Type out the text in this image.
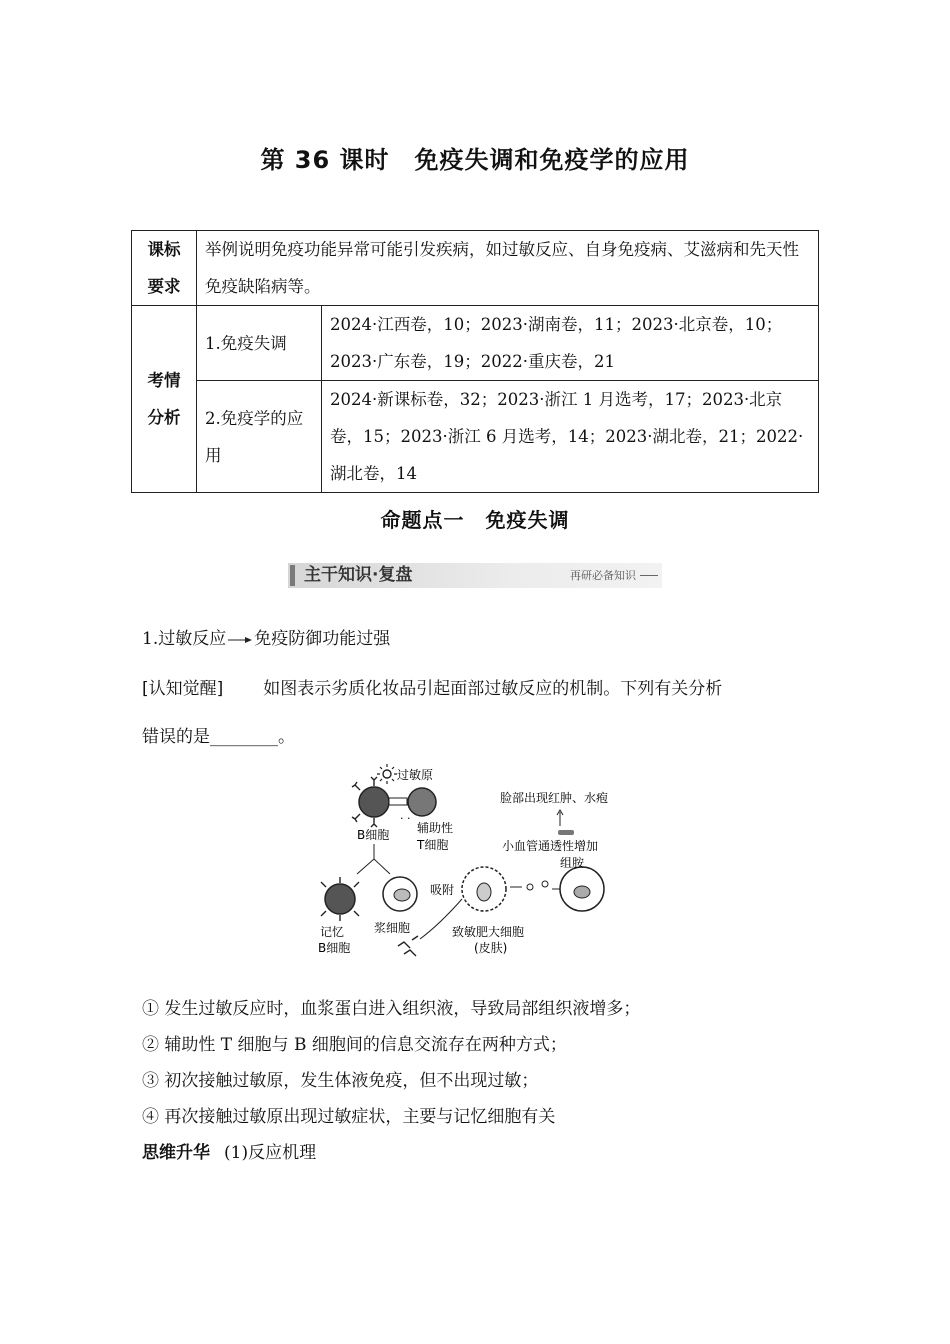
第 36 课时　免疫失调和免疫学的应用
课标要求	举例说明免疫功能异常可能引发疾病，如过敏反应、自身免疫病、艾滋病和先天性免疫缺陷病等。	
考情分析	1.免疫失调	2024·江西卷，10；2023·湖南卷，11；2023·北京卷，10；2023·广东卷，19；2022·重庆卷，21
	2.免疫学的应用	2024·新课标卷，32；2023·浙江 1 月选考，17；2023·北京卷，15；2023·浙江 6 月选考，14；2023·湖北卷，21；2022·湖北卷，14
命题点一　免疫失调
主干知识·复盘	再研必备知识
1.过敏反应 免疫防御功能过强
[认知觉醒] 如图表示劣质化妆品引起面部过敏反应的机制。下列有关分析
错误的是________。
过敏原
· ·
B细胞 辅助性
T细胞
记忆
B细胞
浆细胞
吸附
致敏肥大细胞
(皮肤)
组胺
小血管通透性增加
脸部出现红肿、水疱
① 发生过敏反应时，血浆蛋白进入组织液，导致局部组织液增多；
② 辅助性 T 细胞与 B 细胞间的信息交流存在两种方式；
③ 初次接触过敏原，发生体液免疫，但不出现过敏；
④ 再次接触过敏原出现过敏症状，主要与记忆细胞有关
思维升华 (1)反应机理
